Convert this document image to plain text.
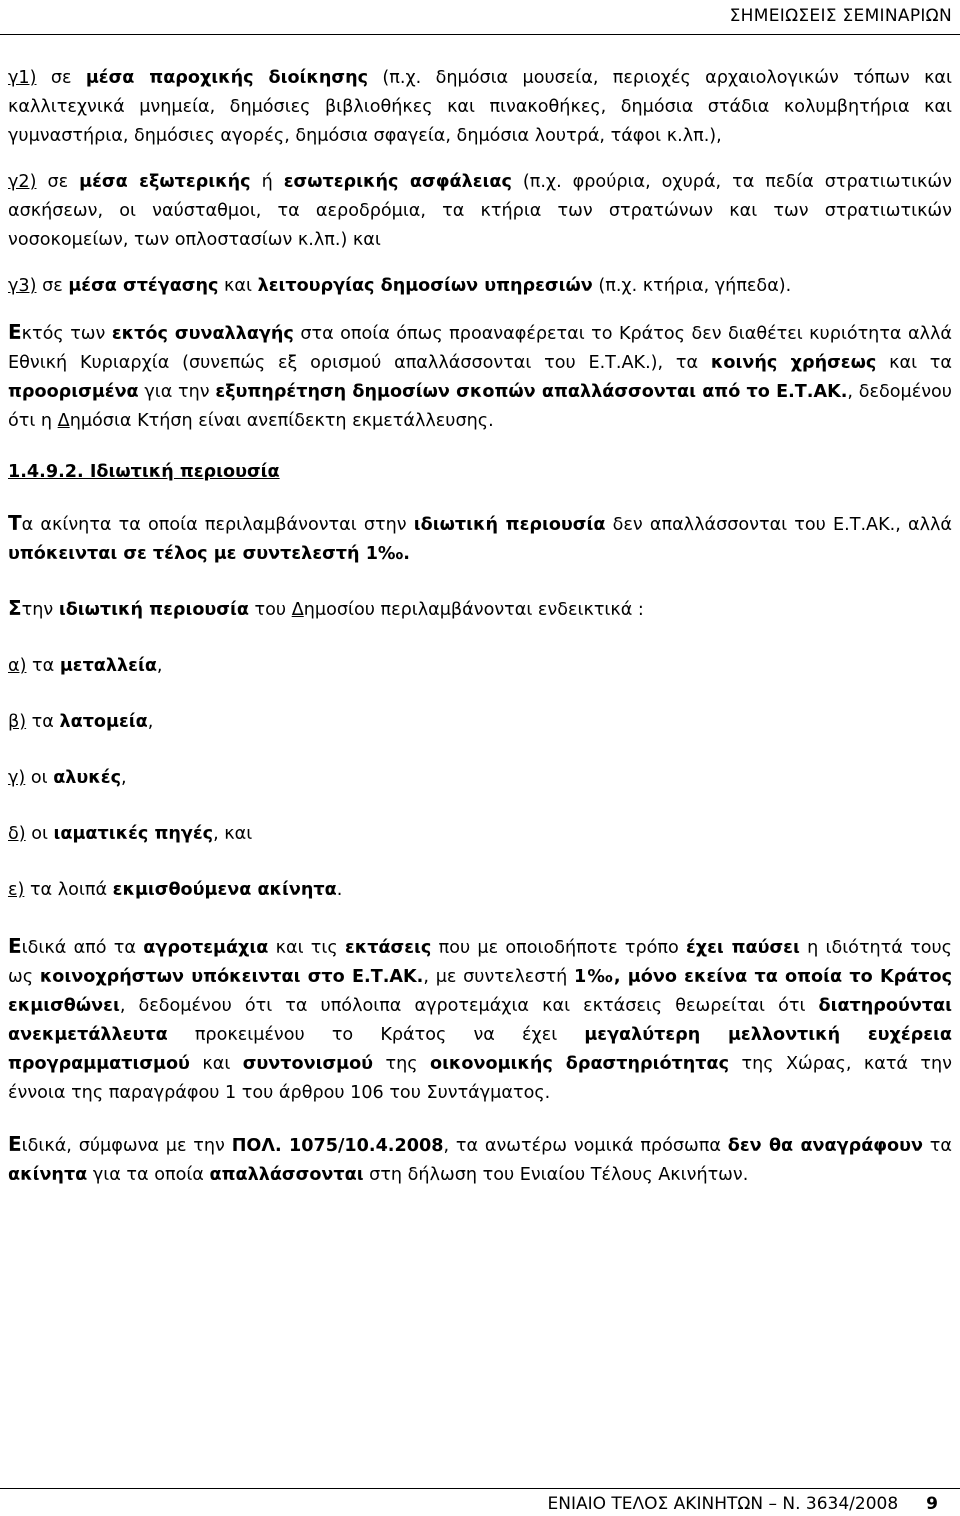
ΣΗΜΕΙΩΣΕΙΣ ΣΕΜΙΝΑΡΙΩΝ

γ1) σε μέσα παροχικής διοίκησης (π.χ. δημόσια μουσεία, περιοχές αρχαιολογικών τόπων και καλλιτεχνικά μνημεία, δημόσιες βιβλιοθήκες και πινακοθήκες, δημόσια στάδια κολυμβητήρια και γυμναστήρια, δημόσιες αγορές, δημόσια σφαγεία, δημόσια λουτρά, τάφοι κ.λπ.),

γ2) σε μέσα εξωτερικής ή εσωτερικής ασφάλειας (π.χ. φρούρια, οχυρά, τα πεδία στρατιωτικών ασκήσεων, οι ναύσταθμοι, τα αεροδρόμια, τα κτήρια των στρατώνων και των στρατιωτικών νοσοκομείων, των οπλοστασίων κ.λπ.) και

γ3) σε μέσα στέγασης και λειτουργίας δημοσίων υπηρεσιών (π.χ. κτήρια, γήπεδα).

Εκτός των εκτός συναλλαγής στα οποία όπως προαναφέρεται το Κράτος δεν διαθέτει κυριότητα αλλά Εθνική Κυριαρχία (συνεπώς εξ ορισμού απαλλάσσονται του Ε.Τ.ΑΚ.), τα κοινής χρήσεως και τα προορισμένα για την εξυπηρέτηση δημοσίων σκοπών απαλλάσσονται από το Ε.Τ.ΑΚ., δεδομένου ότι η Δημόσια Κτήση είναι ανεπίδεκτη εκμετάλλευσης.

1.4.9.2. Ιδιωτική περιουσία

Τα ακίνητα τα οποία περιλαμβάνονται στην ιδιωτική περιουσία δεν απαλλάσσονται του Ε.Τ.ΑΚ., αλλά υπόκεινται σε τέλος με συντελεστή 1‰.

Στην ιδιωτική περιουσία του Δημοσίου περιλαμβάνονται ενδεικτικά :

α) τα μεταλλεία,

β) τα λατομεία,

γ) οι αλυκές,

δ) οι ιαματικές πηγές, και

ε) τα λοιπά εκμισθούμενα ακίνητα.

Ειδικά από τα αγροτεμάχια και τις εκτάσεις που με οποιοδήποτε τρόπο έχει παύσει η ιδιότητά τους ως κοινοχρήστων υπόκεινται στο Ε.Τ.ΑΚ., με συντελεστή 1‰, μόνο εκείνα τα οποία το Κράτος εκμισθώνει, δεδομένου ότι τα υπόλοιπα αγροτεμάχια και εκτάσεις θεωρείται ότι διατηρούνται ανεκμετάλλευτα προκειμένου το Κράτος να έχει μεγαλύτερη μελλοντική ευχέρεια προγραμματισμού και συντονισμού της οικονομικής δραστηριότητας της Χώρας, κατά την έννοια της παραγράφου 1 του άρθρου 106 του Συντάγματος.

Ειδικά, σύμφωνα με την ΠΟΛ. 1075/10.4.2008, τα ανωτέρω νομικά πρόσωπα δεν θα αναγράφουν τα ακίνητα για τα οποία απαλλάσσονται στη δήλωση του Ενιαίου Τέλους Ακινήτων.

ΕΝΙΑΙΟ ΤΕΛΟΣ ΑΚΙΝΗΤΩΝ – Ν. 3634/2008 9
